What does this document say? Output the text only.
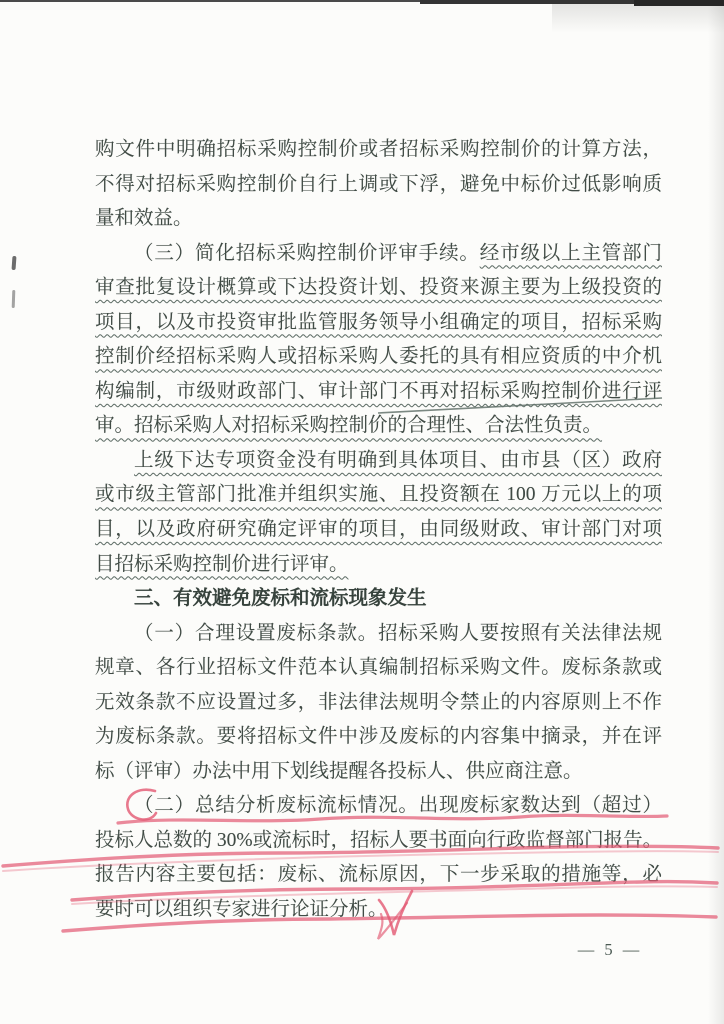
购文件中明确招标采购控制价或者招标采购控制价的计算方法，
不得对招标采购控制价自行上调或下浮，避免中标价过低影响质
量和效益。
（三）简化招标采购控制价评审手续。经市级以上主管部门
审查批复设计概算或下达投资计划、投资来源主要为上级投资的
项目，以及市投资审批监管服务领导小组确定的项目，招标采购
控制价经招标采购人或招标采购人委托的具有相应资质的中介机
构编制，市级财政部门、审计部门不再对招标采购控制价进行评
审。招标采购人对招标采购控制价的合理性、合法性负责。
上级下达专项资金没有明确到具体项目、由市县（区）政府
或市级主管部门批准并组织实施、且投资额在 100 万元以上的项
目，以及政府研究确定评审的项目，由同级财政、审计部门对项
目招标采购控制价进行评审。
三、有效避免废标和流标现象发生
（一）合理设置废标条款。招标采购人要按照有关法律法规
规章、各行业招标文件范本认真编制招标采购文件。废标条款或
无效条款不应设置过多，非法律法规明令禁止的内容原则上不作
为废标条款。要将招标文件中涉及废标的内容集中摘录，并在评
标（评审）办法中用下划线提醒各投标人、供应商注意。
（二）总结分析废标流标情况。出现废标家数达到（超过）
投标人总数的 30%或流标时，招标人要书面向行政监督部门报告。
报告内容主要包括：废标、流标原因，下一步采取的措施等，必
要时可以组织专家进行论证分析。
— 5 —
